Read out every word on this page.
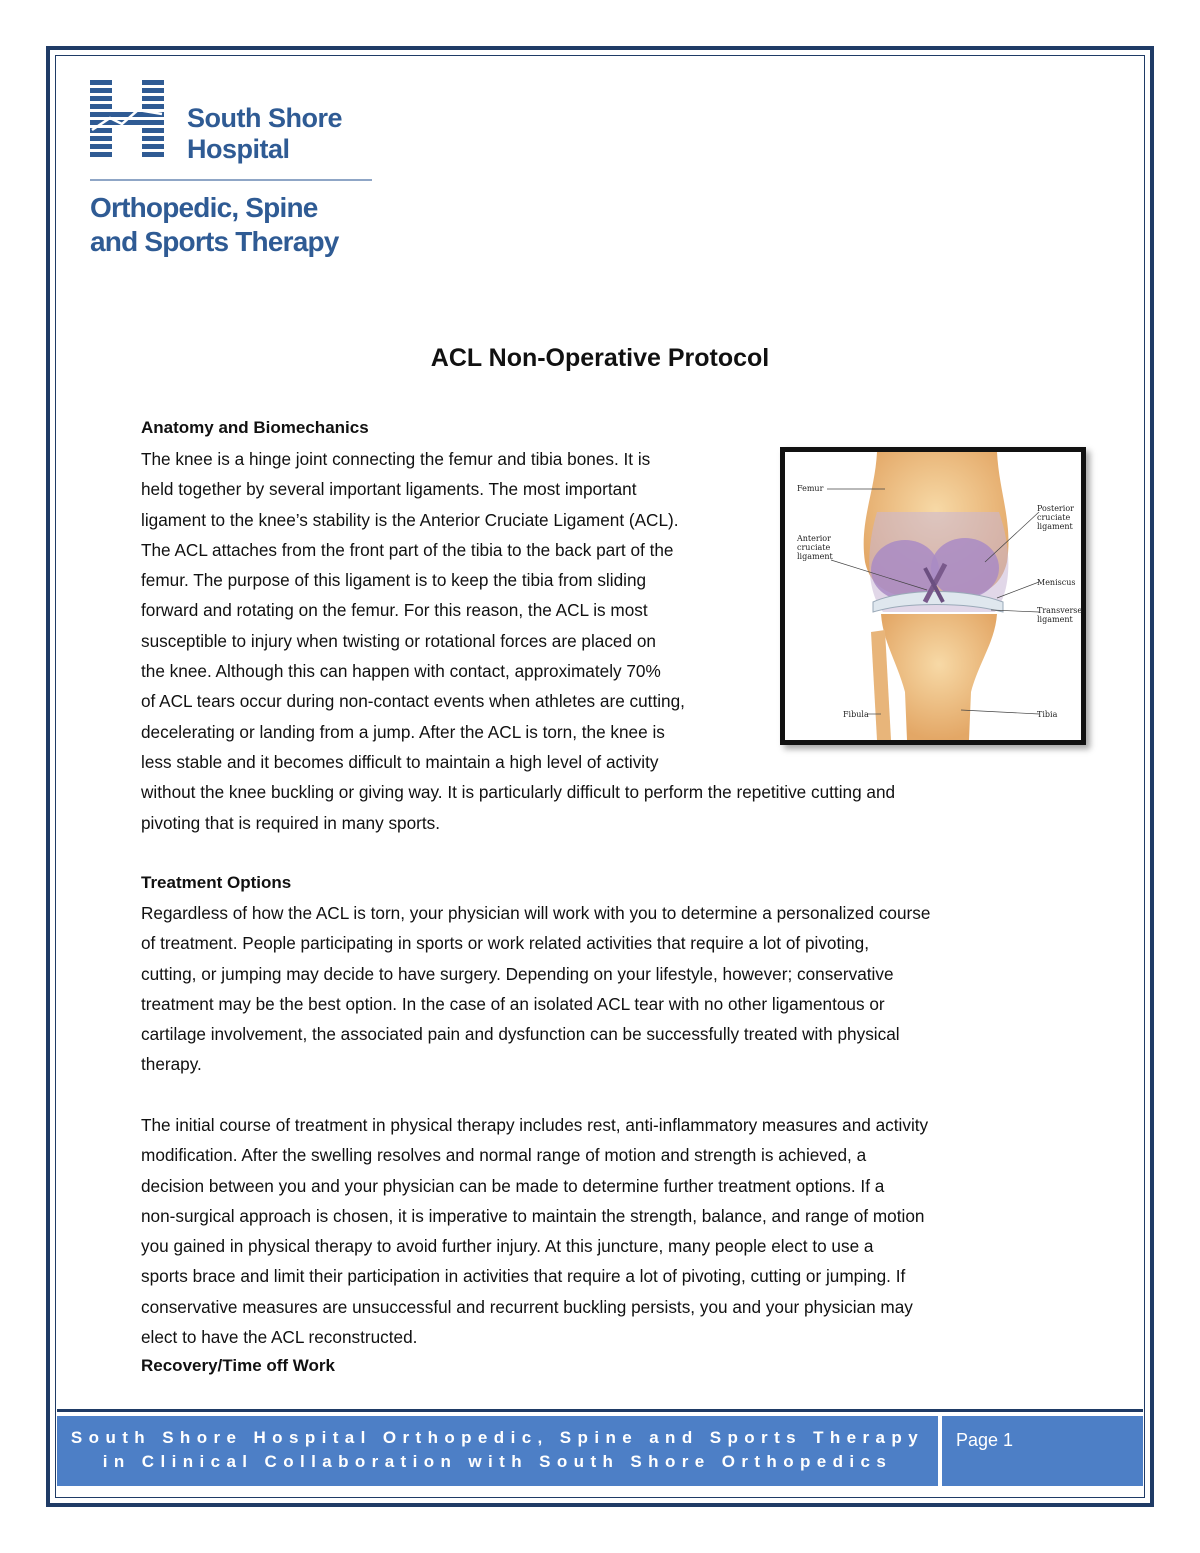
South Shore
Hospital
Orthopedic, Spine
and Sports Therapy
ACL Non-Operative Protocol
Anatomy and Biomechanics
The knee is a hinge joint connecting the femur and tibia bones. It is
held together by several important ligaments. The most important
ligament to the knee’s stability is the Anterior Cruciate Ligament (ACL).
The ACL attaches from the front part of the tibia to the back part of the
femur. The purpose of this ligament is to keep the tibia from sliding
forward and rotating on the femur. For this reason, the ACL is most
susceptible to injury when twisting or rotational forces are placed on
the knee. Although this can happen with contact, approximately 70%
of ACL tears occur during non-contact events when athletes are cutting,
decelerating or landing from a jump. After the ACL is torn, the knee is
less stable and it becomes difficult to maintain a high level of activity
without the knee buckling or giving way. It is particularly difficult to perform the repetitive cutting and
pivoting that is required in many sports.
Femur
Posterior
cruciate
ligament
Anterior
cruciate
ligament
Meniscus
Transverse
ligament
Fibula	Tibia
Treatment Options
Regardless of how the ACL is torn, your physician will work with you to determine a personalized course
of treatment. People participating in sports or work related activities that require a lot of pivoting,
cutting, or jumping may decide to have surgery. Depending on your lifestyle, however; conservative
treatment may be the best option. In the case of an isolated ACL tear with no other ligamentous or
cartilage involvement, the associated pain and dysfunction can be successfully treated with physical
therapy.
The initial course of treatment in physical therapy includes rest, anti-inflammatory measures and activity
modification. After the swelling resolves and normal range of motion and strength is achieved, a
decision between you and your physician can be made to determine further treatment options. If a
non-surgical approach is chosen, it is imperative to maintain the strength, balance, and range of motion
you gained in physical therapy to avoid further injury. At this juncture, many people elect to use a
sports brace and limit their participation in activities that require a lot of pivoting, cutting or jumping. If
conservative measures are unsuccessful and recurrent buckling persists, you and your physician may
elect to have the ACL reconstructed.
Recovery/Time off Work
South Shore Hospital Orthopedic, Spine and Sports Therapy
in Clinical Collaboration with South Shore Orthopedics
Page 1
